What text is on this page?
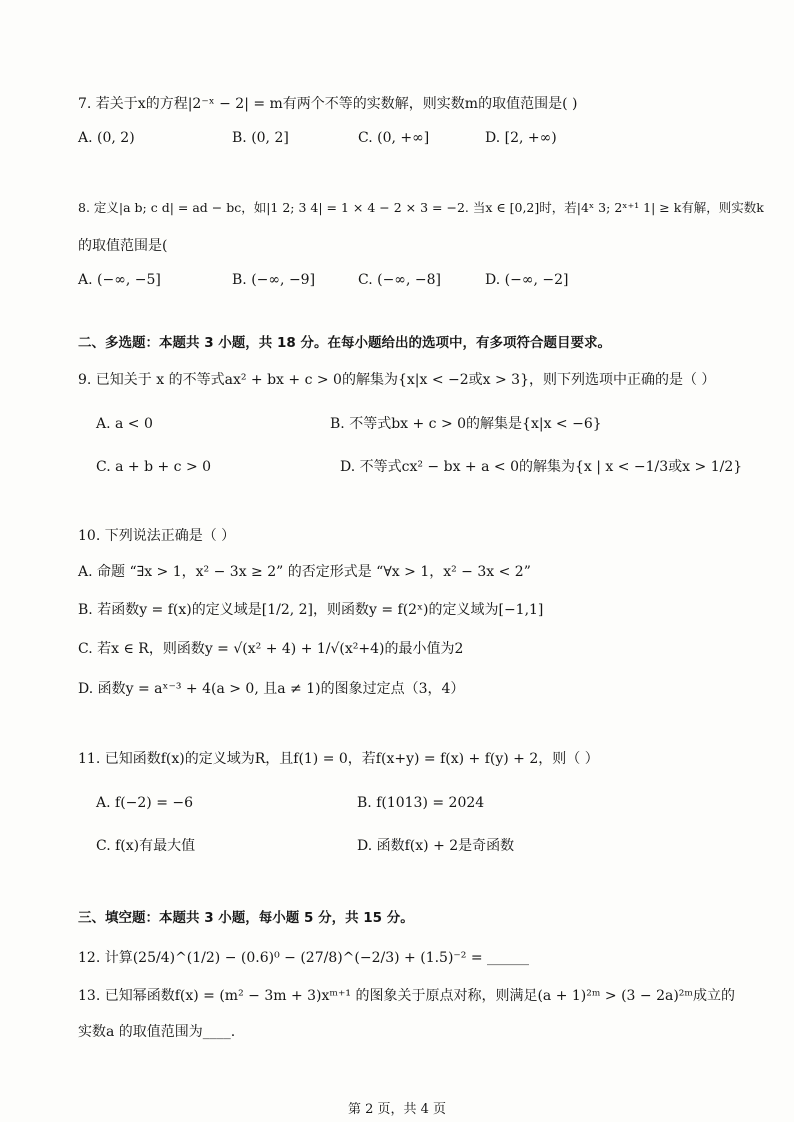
7. 若关于x的方程|2⁻ˣ − 2| = m有两个不等的实数解，则实数m的取值范围是( )
A. (0, 2)	B. (0, 2]	C. (0, +∞]	D. [2, +∞)
8. 定义|a b; c d| = ad − bc，如|1 2; 3 4| = 1 × 4 − 2 × 3 = −2. 当x ∈ [0,2]时，若|4ˣ 3; 2ˣ⁺¹ 1| ≥ k有解，则实数k
的取值范围是(
A. (−∞, −5]	B. (−∞, −9]	C. (−∞, −8]	D. (−∞, −2]
二、多选题：本题共 3 小题，共 18 分。在每小题给出的选项中，有多项符合题目要求。
9. 已知关于 x 的不等式ax² + bx + c > 0的解集为{x|x < −2或x > 3}，则下列选项中正确的是（ ）
A. a < 0	B. 不等式bx + c > 0的解集是{x|x < −6}
C. a + b + c > 0	D. 不等式cx² − bx + a < 0的解集为{x | x < −1/3或x > 1/2}
10. 下列说法正确是（ ）
A. 命题 “∃x > 1，x² − 3x ≥ 2” 的否定形式是 “∀x > 1，x² − 3x < 2”
B. 若函数y = f(x)的定义域是[1/2, 2]，则函数y = f(2ˣ)的定义域为[−1,1]
C. 若x ∈ R，则函数y = √(x² + 4) + 1/√(x²+4)的最小值为2
D. 函数y = aˣ⁻³ + 4(a > 0, 且a ≠ 1)的图象过定点（3，4）
11. 已知函数f(x)的定义域为R，且f(1) = 0，若f(x+y) = f(x) + f(y) + 2，则（ ）
A. f(−2) = −6	B. f(1013) = 2024
C. f(x)有最大值	D. 函数f(x) + 2是奇函数
三、填空题：本题共 3 小题，每小题 5 分，共 15 分。
12. 计算(25/4)^(1/2) − (0.6)⁰ − (27/8)^(−2/3) + (1.5)⁻² = ______
13. 已知幂函数f(x) = (m² − 3m + 3)xᵐ⁺¹ 的图象关于原点对称，则满足(a + 1)²ᵐ > (3 − 2a)²ᵐ成立的
实数a 的取值范围为____.
第 2 页，共 4 页
